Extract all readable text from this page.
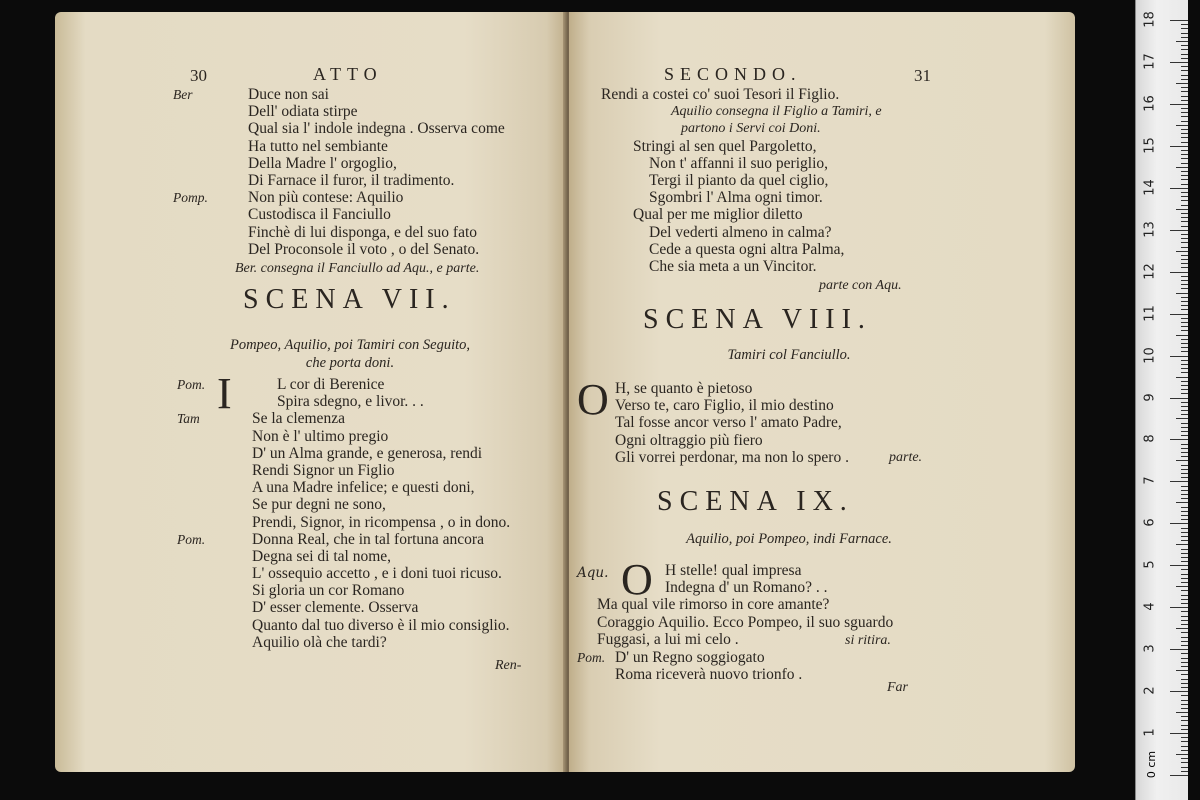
30	ATTO
Ber	Duce non sai
Dell' odiata stirpe
Qual sia l' indole indegna . Osserva come
Ha tutto nel sembiante
Della Madre l' orgoglio,
Di Farnace il furor, il tradimento.
Pomp.	Non più contese: Aquilio
Custodisca il Fanciullo
Finchè di lui disponga, e del suo fato
Del Proconsole il voto , o del Senato.
Ber. consegna il Fanciullo ad Aqu., e parte.
SCENA VII.
Pompeo, Aquilio, poi Tamiri con Seguito,
che porta doni.
I
Pom.	L cor di Berenice
Spira sdegno, e livor. . .
Tam	Se la clemenza
Non è l' ultimo pregio
D' un Alma grande, e generosa, rendi
Rendi Signor un Figlio
A una Madre infelice; e questi doni,
Se pur degni ne sono,
Prendi, Signor, in ricompensa , o in dono.
Pom.	Donna Real, che in tal fortuna ancora
Degna sei di tal nome,
L' ossequio accetto , e i doni tuoi ricuso.
Si gloria un cor Romano
D' esser clemente. Osserva
Quanto dal tuo diverso è il mio consiglio.
Aquilio olà che tardi?
Ren-
SECONDO.	31
Rendi a costei co' suoi Tesori il Figlio.
Aquilio consegna il Figlio a Tamiri, e
partono i Servi coi Doni.
Stringi al sen quel Pargoletto,
Non t' affanni il suo periglio,
Tergi il pianto da quel ciglio,
Sgombri l' Alma ogni timor.
Qual per me miglior diletto
Del vederti almeno in calma?
Cede a questa ogni altra Palma,
Che sia meta a un Vincitor.
parte con Aqu.
SCENA VIII.
Tamiri col Fanciullo.
O H, se quanto è pietoso
Verso te, caro Figlio, il mio destino
Tal fosse ancor verso l' amato Padre,
Ogni oltraggio più fiero
Gli vorrei perdonar, ma non lo spero .	parte.
SCENA IX.
Aquilio, poi Pompeo, indi Farnace.
Aqu. O H stelle! qual impresa
Indegna d' un Romano? . .
Ma qual vile rimorso in core amante?
Coraggio Aquilio. Ecco Pompeo, il suo sguardo
Fuggasi, a lui mi celo .	si ritira.
Pom. D' un Regno soggiogato
Roma riceverà nuovo trionfo .
Far
0 cm
1
2
3
4
5
6
7
8
9
10
11
12
13
14
15
16
17
18
